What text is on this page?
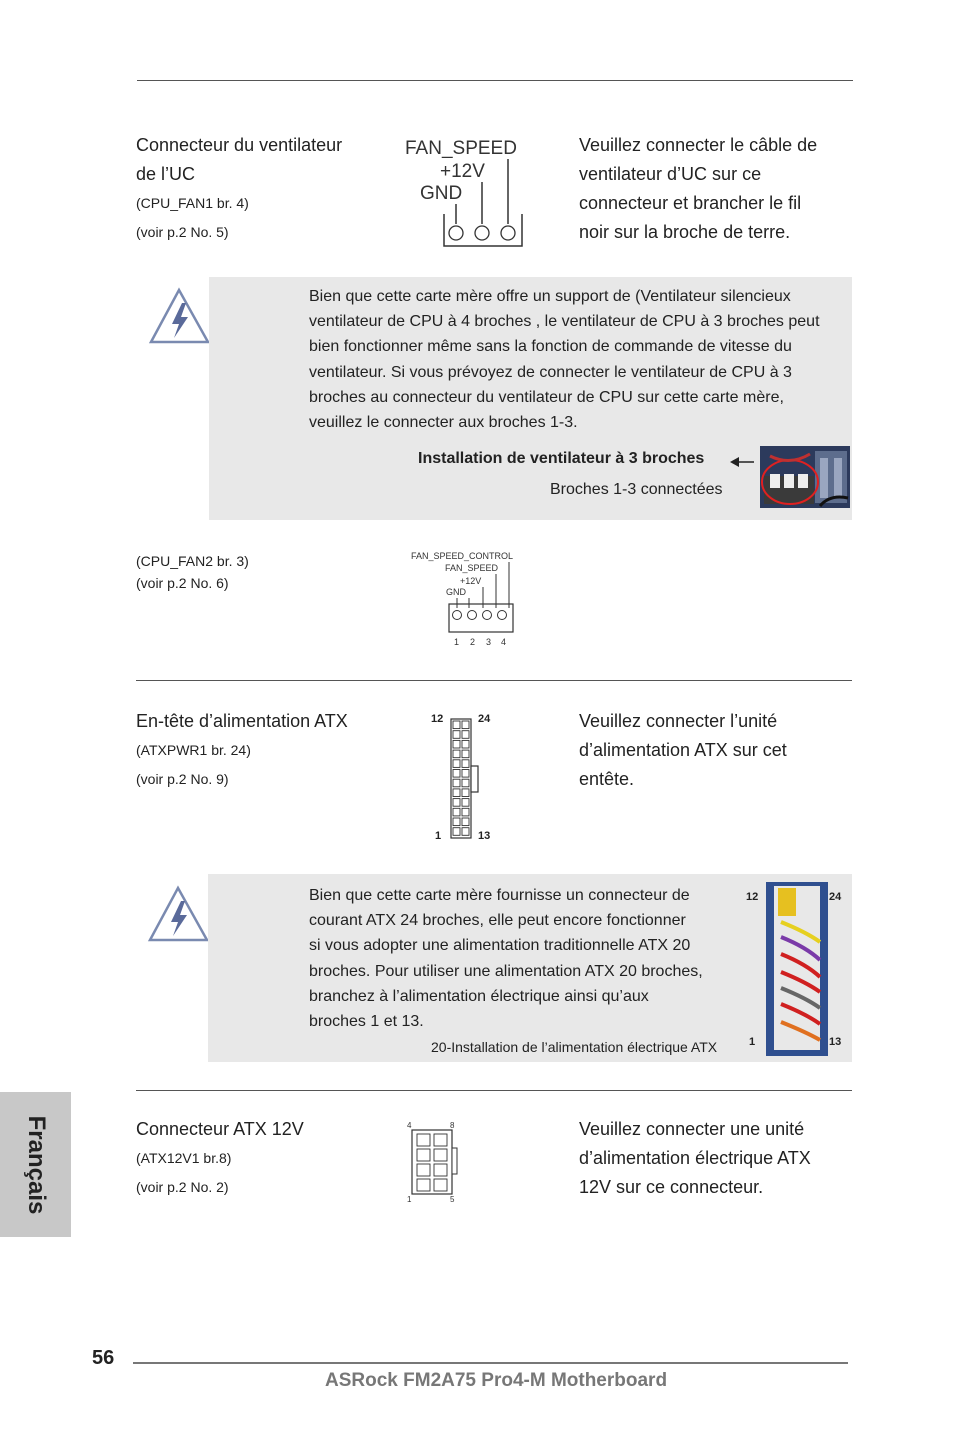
Connecteur du ventilateur
de l’UC
(CPU_FAN1 br. 4)
(voir p.2 No. 5)
FAN_SPEED
+12V
GND
Veuillez connecter le câble de
ventilateur d’UC sur ce
connecteur et brancher le fil
noir sur la broche de terre.
Bien que cette carte mère offre un support de (Ventilateur silencieux
ventilateur de CPU à 4 broches , le ventilateur de CPU à 3 broches peut
bien fonctionner même sans la fonction de commande de vitesse du
ventilateur. Si vous prévoyez de connecter le ventilateur de CPU à 3
broches au connecteur du ventilateur de CPU sur cette carte mère,
veuillez le connecter aux broches 1-3.
Installation de ventilateur à 3 broches
Broches 1-3 connectées
(CPU_FAN2 br. 3)
(voir p.2 No. 6)
FAN_SPEED_CONTROL
FAN_SPEED
+12V
GND
1 2 3 4
En-tête d’alimentation ATX
(ATXPWR1 br. 24)
(voir p.2 No. 9)
12	24
1	13
Veuillez connecter l’unité
d’alimentation ATX sur cet
entête.
Bien que cette carte mère fournisse un connecteur de
courant ATX 24 broches, elle peut encore fonctionner
si vous adopter une alimentation traditionnelle ATX 20
broches. Pour utiliser une alimentation ATX 20 broches,
branchez à l’alimentation électrique ainsi qu’aux
broches 1 et 13.
20-Installation de l’alimentation électrique ATX
12	24
1	13
Connecteur ATX 12V
(ATX12V1 br.8)
(voir p.2 No. 2)
4	8
1	5
Veuillez connecter une unité
d’alimentation électrique ATX
12V sur ce connecteur.
Français
56
ASRock FM2A75 Pro4-M Motherboard
